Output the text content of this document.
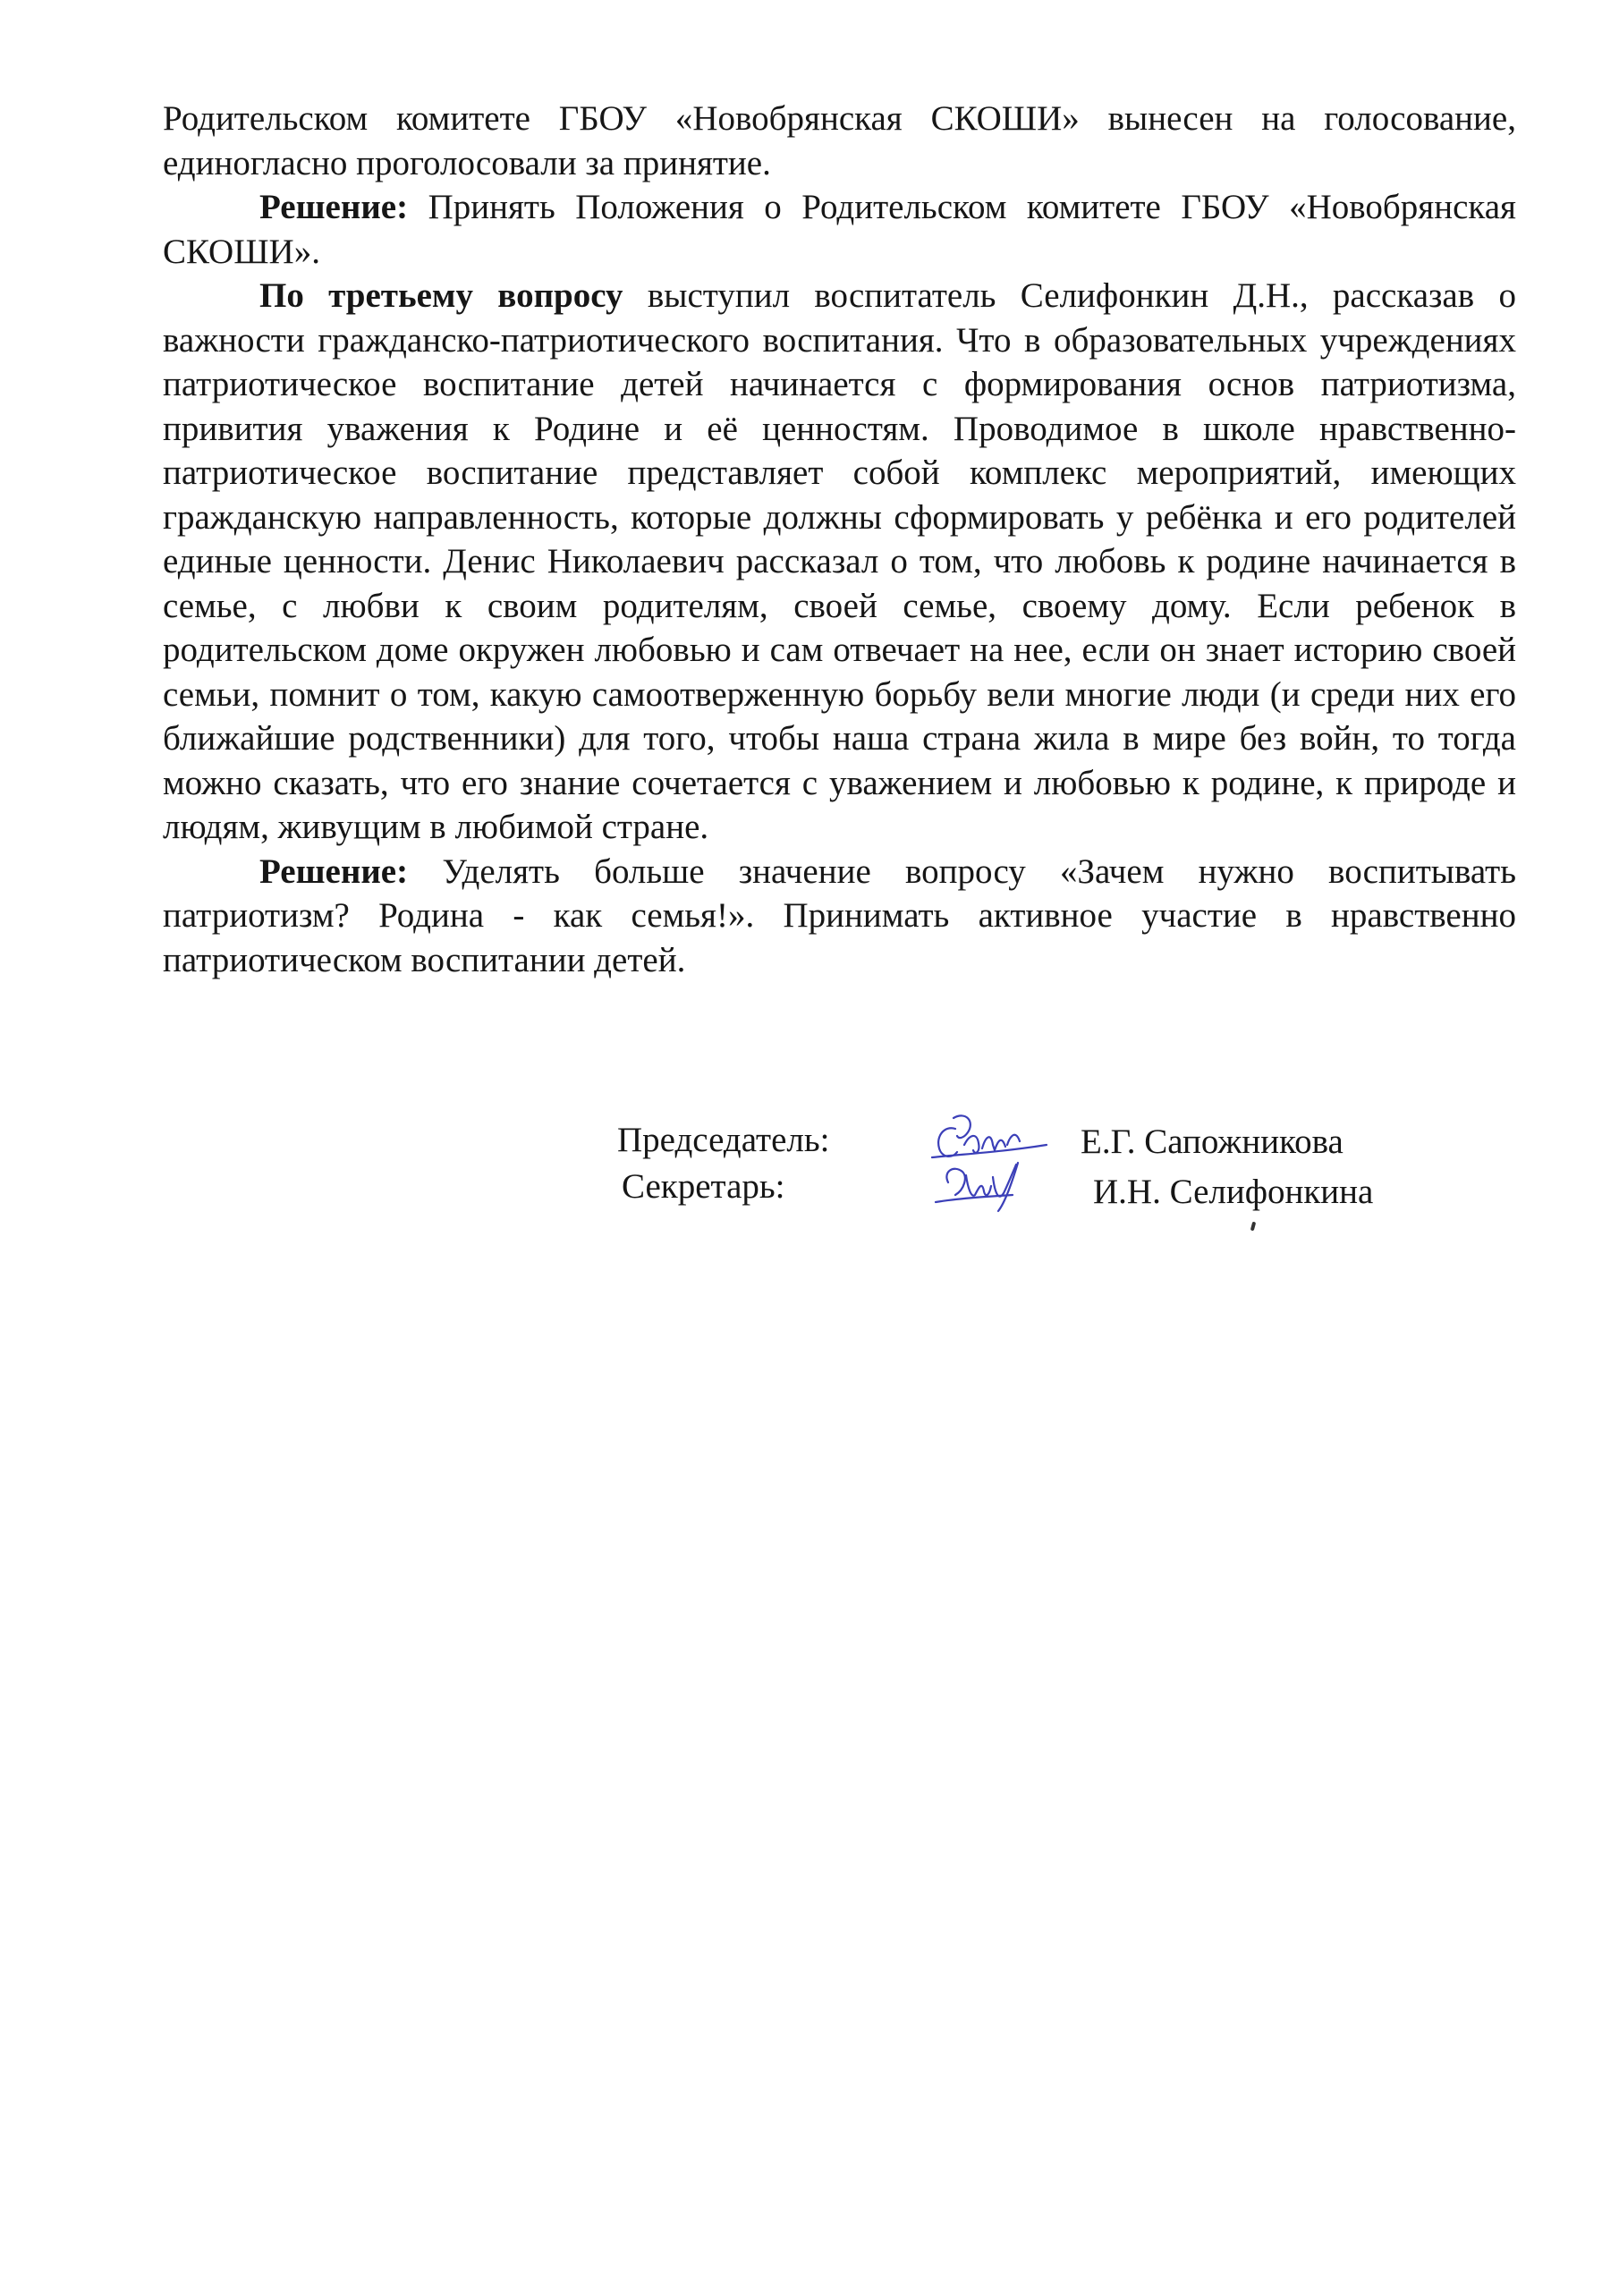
Родительском комитете ГБОУ «Новобрянская СКОШИ» вынесен на голосование, единогласно проголосовали за принятие.

Решение: Принять Положения о Родительском комитете ГБОУ «Новобрянская СКОШИ».

По третьему вопросу выступил воспитатель Селифонкин Д.Н., рассказав о важности гражданско-патриотического воспитания. Что в образовательных учреждениях патриотическое воспитание детей начинается с формирования основ патриотизма, привития уважения к Родине и её ценностям. Проводимое в школе нравственно-патриотическое воспитание представляет собой комплекс мероприятий, имеющих гражданскую направленность, которые должны сформировать у ребёнка и его родителей единые ценности. Денис Николаевич рассказал о том, что любовь к родине начинается в семье, с любви к своим родителям, своей семье, своему дому. Если ребенок в родительском доме окружен любовью и сам отвечает на нее, если он знает историю своей семьи, помнит о том, какую самоотверженную борьбу вели многие люди (и среди них его ближайшие родственники) для того, чтобы наша страна жила в мире без войн, то тогда можно сказать, что его знание сочетается с уважением и любовью к родине, к природе и людям, живущим в любимой стране.

Решение: Уделять больше значение вопросу «Зачем нужно воспитывать патриотизм? Родина - как семья!». Принимать активное участие в нравственно патриотическом воспитании детей.

Председатель:
Секретарь:
Е.Г. Сапожникова
И.Н. Селифонкина
